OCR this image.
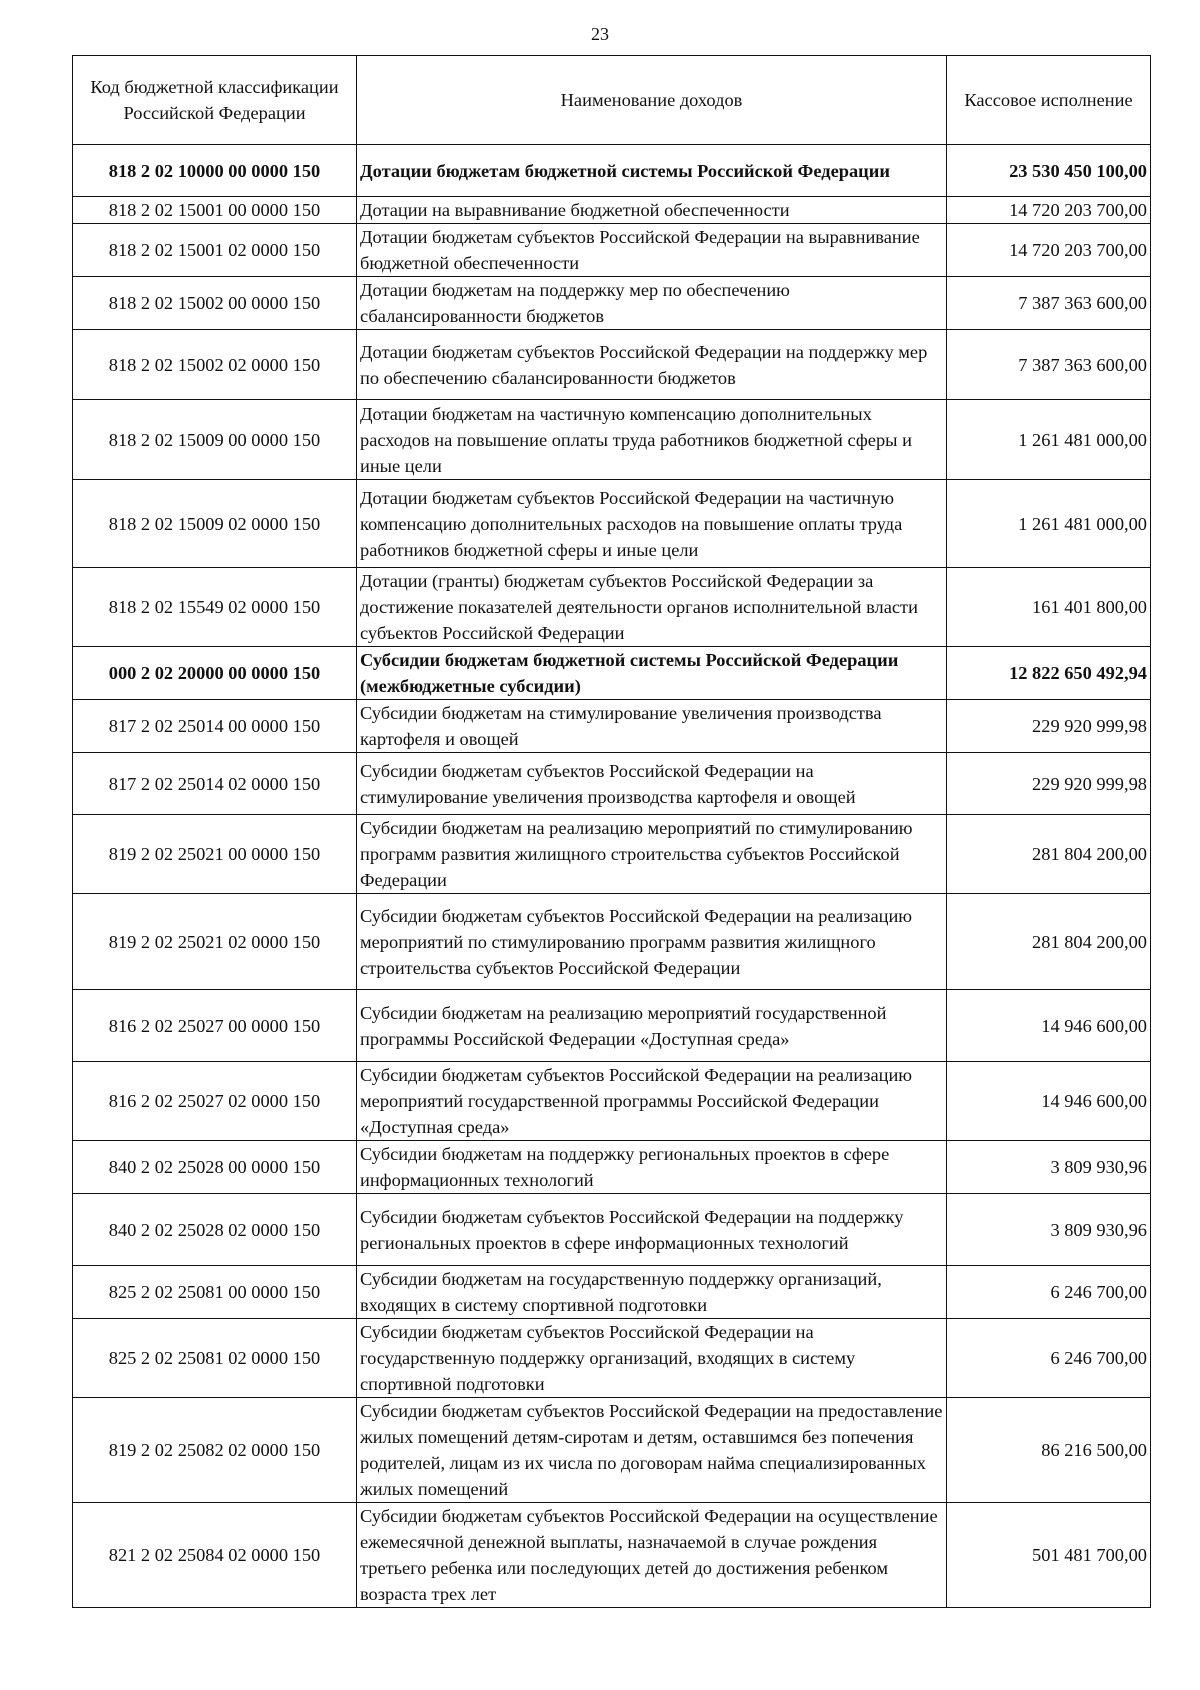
23
Код бюджетной классификации Российской Федерации	Наименование доходов	Кассовое исполнение
818 2 02 10000 00 0000 150	Дотации бюджетам бюджетной системы Российской Федерации	23 530 450 100,00
818 2 02 15001 00 0000 150	Дотации на выравнивание бюджетной обеспеченности	14 720 203 700,00
818 2 02 15001 02 0000 150	Дотации бюджетам субъектов Российской Федерации на выравнивание бюджетной обеспеченности	14 720 203 700,00
818 2 02 15002 00 0000 150	Дотации бюджетам на поддержку мер по обеспечению сбалансированности бюджетов	7 387 363 600,00
818 2 02 15002 02 0000 150	Дотации бюджетам субъектов Российской Федерации на поддержку мер по обеспечению сбалансированности бюджетов	7 387 363 600,00
818 2 02 15009 00 0000 150	Дотации бюджетам на частичную компенсацию дополнительных расходов на повышение оплаты труда работников бюджетной сферы и иные цели	1 261 481 000,00
818 2 02 15009 02 0000 150	Дотации бюджетам субъектов Российской Федерации на частичную компенсацию дополнительных расходов на повышение оплаты труда работников бюджетной сферы и иные цели	1 261 481 000,00
818 2 02 15549 02 0000 150	Дотации (гранты) бюджетам субъектов Российской Федерации за достижение показателей деятельности органов исполнительной власти субъектов Российской Федерации	161 401 800,00
000 2 02 20000 00 0000 150	Субсидии бюджетам бюджетной системы Российской Федерации (межбюджетные субсидии)	12 822 650 492,94
817 2 02 25014 00 0000 150	Субсидии бюджетам на стимулирование увеличения производства картофеля и овощей	229 920 999,98
817 2 02 25014 02 0000 150	Субсидии бюджетам субъектов Российской Федерации на стимулирование увеличения производства картофеля и овощей	229 920 999,98
819 2 02 25021 00 0000 150	Субсидии бюджетам на реализацию мероприятий по стимулированию программ развития жилищного строительства субъектов Российской Федерации	281 804 200,00
819 2 02 25021 02 0000 150	Субсидии бюджетам субъектов Российской Федерации на реализацию мероприятий по стимулированию программ развития жилищного строительства субъектов Российской Федерации	281 804 200,00
816 2 02 25027 00 0000 150	Субсидии бюджетам на реализацию мероприятий государственной программы Российской Федерации «Доступная среда»	14 946 600,00
816 2 02 25027 02 0000 150	Субсидии бюджетам субъектов Российской Федерации на реализацию мероприятий государственной программы Российской Федерации «Доступная среда»	14 946 600,00
840 2 02 25028 00 0000 150	Субсидии бюджетам на поддержку региональных проектов в сфере информационных технологий	3 809 930,96
840 2 02 25028 02 0000 150	Субсидии бюджетам субъектов Российской Федерации на поддержку региональных проектов в сфере информационных технологий	3 809 930,96
825 2 02 25081 00 0000 150	Субсидии бюджетам на государственную поддержку организаций, входящих в систему спортивной подготовки	6 246 700,00
825 2 02 25081 02 0000 150	Субсидии бюджетам субъектов Российской Федерации на государственную поддержку организаций, входящих в систему спортивной подготовки	6 246 700,00
819 2 02 25082 02 0000 150	Субсидии бюджетам субъектов Российской Федерации на предоставление жилых помещений детям-сиротам и детям, оставшимся без попечения родителей, лицам из их числа по договорам найма специализированных жилых помещений	86 216 500,00
821 2 02 25084 02 0000 150	Субсидии бюджетам субъектов Российской Федерации на осуществление ежемесячной денежной выплаты, назначаемой в случае рождения третьего ребенка или последующих детей до достижения ребенком возраста трех лет	501 481 700,00
